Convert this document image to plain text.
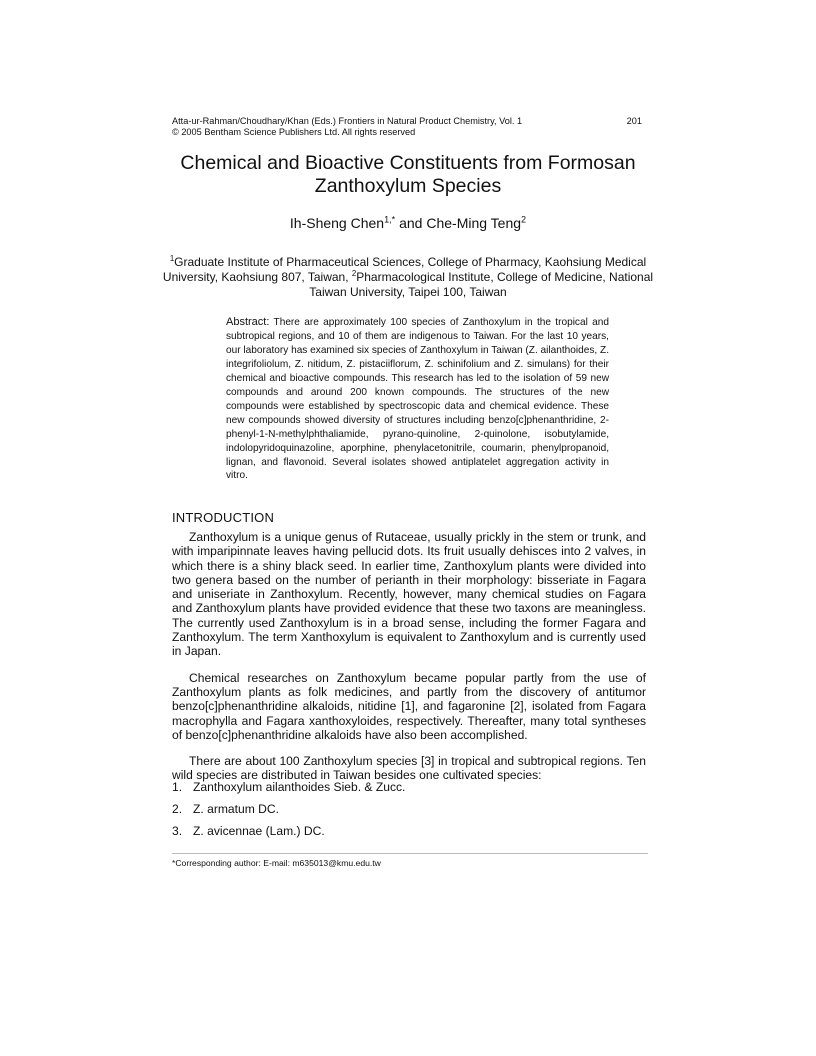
Atta-ur-Rahman/Choudhary/Khan (Eds.) Frontiers in Natural Product Chemistry, Vol. 1	201
© 2005 Bentham Science Publishers Ltd. All rights reserved
Chemical and Bioactive Constituents from Formosan
Zanthoxylum Species
Ih-Sheng Chen$^{1,*}$ and Che-Ming Teng$^2$
$^1$Graduate Institute of Pharmaceutical Sciences, College of Pharmacy, Kaohsiung Medical University, Kaohsiung 807, Taiwan, $^2$Pharmacological Institute, College of Medicine, National Taiwan University, Taipei 100, Taiwan
Abstract: There are approximately 100 species of Zanthoxylum in the tropical and subtropical regions, and 10 of them are indigenous to Taiwan. For the last 10 years, our laboratory has examined six species of Zanthoxylum in Taiwan (Z. ailanthoides, Z. integrifoliolum, Z. nitidum, Z. pistaciiflorum, Z. schinifolium and Z. simulans) for their chemical and bioactive compounds. This research has led to the isolation of 59 new compounds and around 200 known compounds. The structures of the new compounds were established by spectroscopic data and chemical evidence. These new compounds showed diversity of structures including benzo[c]phenanthridine, 2-phenyl-1-N-methylphthaliamide, pyrano-quinoline, 2-quinolone, isobutylamide, indolopyridoquinazoline, aporphine, phenylacetonitrile, coumarin, phenylpropanoid, lignan, and flavonoid. Several isolates showed antiplatelet aggregation activity in vitro.
INTRODUCTION

Zanthoxylum is a unique genus of Rutaceae, usually prickly in the stem or trunk, and with imparipinnate leaves having pellucid dots. Its fruit usually dehisces into 2 valves, in which there is a shiny black seed. In earlier time, Zanthoxylum plants were divided into two genera based on the number of perianth in their morphology: bisseriate in Fagara and uniseriate in Zanthoxylum. Recently, however, many chemical studies on Fagara and Zanthoxylum plants have provided evidence that these two taxons are meaningless. The currently used Zanthoxylum is in a broad sense, including the former Fagara and Zanthoxylum. The term Xanthoxylum is equivalent to Zanthoxylum and is currently used in Japan.

Chemical researches on Zanthoxylum became popular partly from the use of Zanthoxylum plants as folk medicines, and partly from the discovery of antitumor benzo[c]phenanthridine alkaloids, nitidine [1], and fagaronine [2], isolated from Fagara macrophylla and Fagara xanthoxyloides, respectively. Thereafter, many total syntheses of benzo[c]phenanthridine alkaloids have also been accomplished.

There are about 100 Zanthoxylum species [3] in tropical and subtropical regions. Ten wild species are distributed in Taiwan besides one cultivated species:

1. Zanthoxylum ailanthoides Sieb. & Zucc.
2. Z. armatum DC.
3. Z. avicennae (Lam.) DC.
*Corresponding author: E-mail: m635013@kmu.edu.tw
